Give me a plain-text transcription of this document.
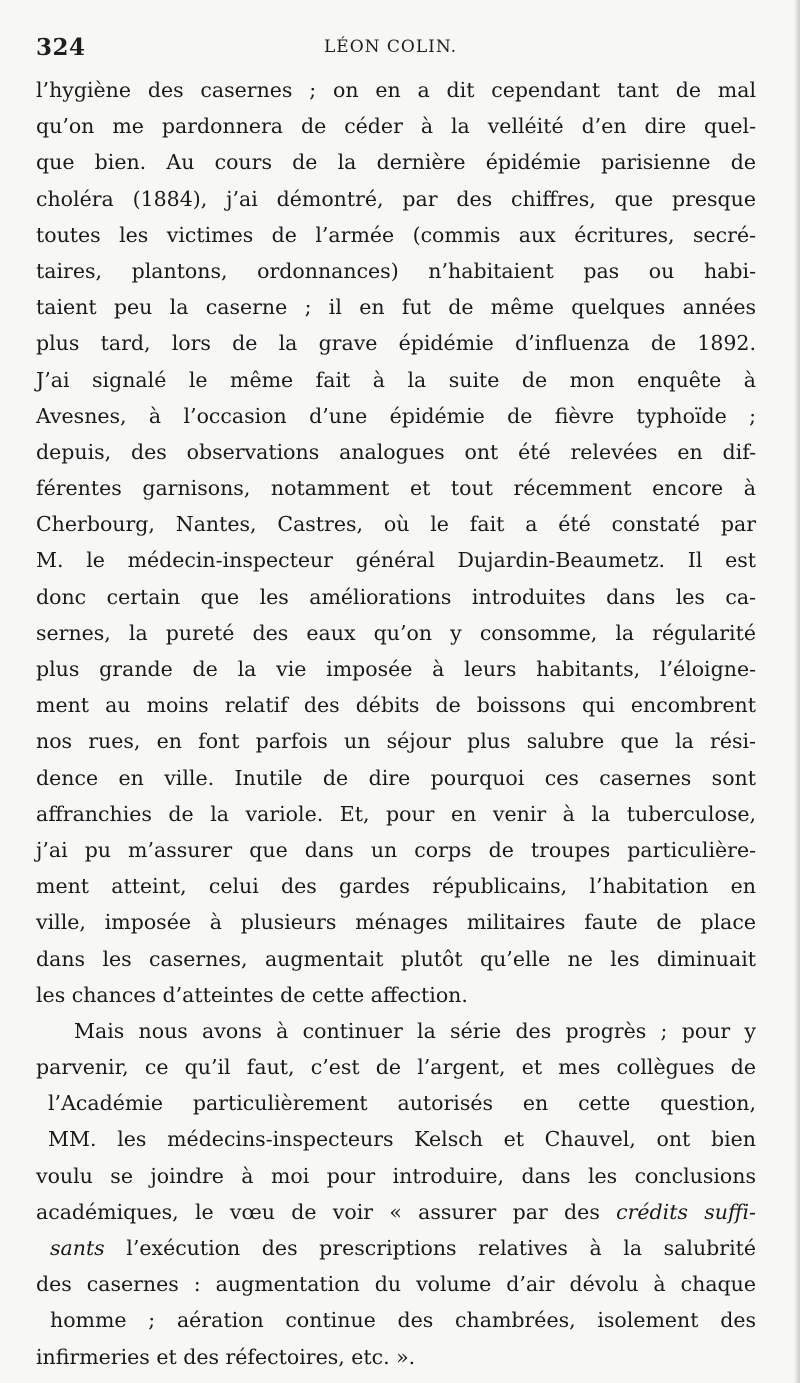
324	LÉON COLIN.
l’hygiène des casernes ; on en a dit cependant tant de mal
qu’on me pardonnera de céder à la velléité d’en dire quel-
que bien. Au cours de la dernière épidémie parisienne de
choléra (1884), j’ai démontré, par des chiffres, que presque
toutes les victimes de l’armée (commis aux écritures, secré-
taires, plantons, ordonnances) n’habitaient pas ou habi-
taient peu la caserne ; il en fut de même quelques années
plus tard, lors de la grave épidémie d’influenza de 1892.
J’ai signalé le même fait à la suite de mon enquête à
Avesnes, à l’occasion d’une épidémie de fièvre typhoïde ;
depuis, des observations analogues ont été relevées en dif-
férentes garnisons, notamment et tout récemment encore à
Cherbourg, Nantes, Castres, où le fait a été constaté par
M. le médecin-inspecteur général Dujardin-Beaumetz. Il est
donc certain que les améliorations introduites dans les ca-
sernes, la pureté des eaux qu’on y consomme, la régularité
plus grande de la vie imposée à leurs habitants, l’éloigne-
ment au moins relatif des débits de boissons qui encombrent
nos rues, en font parfois un séjour plus salubre que la rési-
dence en ville. Inutile de dire pourquoi ces casernes sont
affranchies de la variole. Et, pour en venir à la tuberculose,
j’ai pu m’assurer que dans un corps de troupes particulière-
ment atteint, celui des gardes républicains, l’habitation en
ville, imposée à plusieurs ménages militaires faute de place
dans les casernes, augmentait plutôt qu’elle ne les diminuait
les chances d’atteintes de cette affection.
Mais nous avons à continuer la série des progrès ; pour y
parvenir, ce qu’il faut, c’est de l’argent, et mes collègues de
l’Académie particulièrement autorisés en cette question,
MM. les médecins-inspecteurs Kelsch et Chauvel, ont bien
voulu se joindre à moi pour introduire, dans les conclusions
académiques, le vœu de voir « assurer par des crédits suffi-
sants l’exécution des prescriptions relatives à la salubrité
des casernes : augmentation du volume d’air dévolu à chaque
homme ; aération continue des chambrées, isolement des
infirmeries et des réfectoires, etc. ».
